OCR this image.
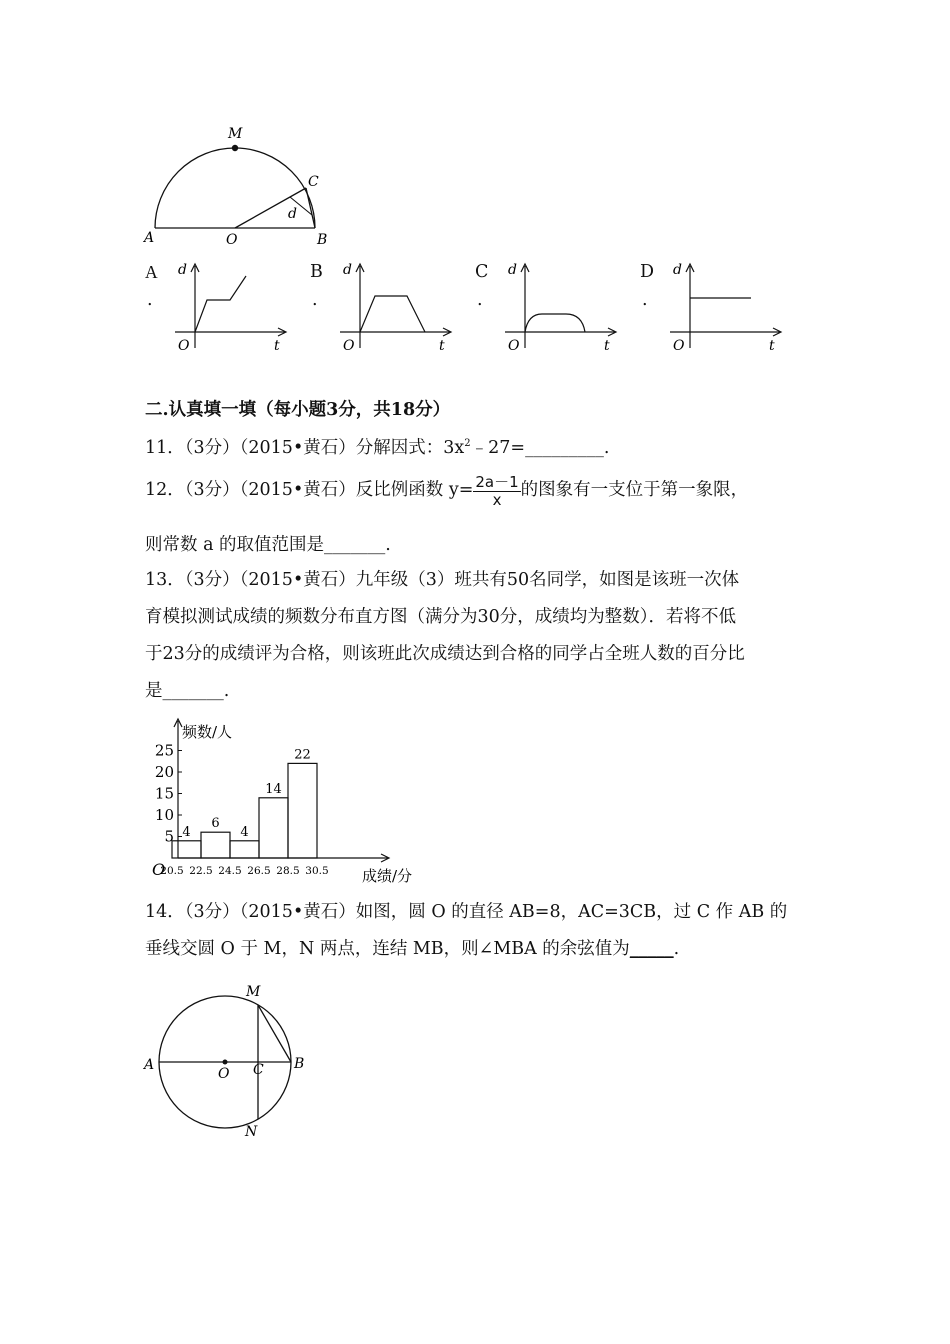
M
C
d
A	O	B
A
.
d
O	t
B
.
d
O	t
C
.
d
O	t
D
.
d
O	t
二.认真填一填（每小题3分，共18分）
11．（3分）（2015•黄石）分解因式：$3x^2﹣27=\_\_\_\_\_\_\_\_\_$.
12．（3分）（2015•黄石）反比例函数 $y= \frac{2a-1}{x}$ 的图象有一支位于第一象限，
则常数 a 的取值范围是_______.
13．（3分）（2015•黄石）九年级（3）班共有50名同学，如图是该班一次体
育模拟测试成绩的频数分布直方图（满分为30分，成绩均为整数）．若将不低
于23分的成绩评为合格，则该班此次成绩达到合格的同学占全班人数的百分比
是_______.
5
10
15
20
25
4
6
4
14
22
20.5 22.5 24.5 26.5 28.5 30.5
频数/人
成绩/分
O
14．（3分）（2015•黄石）如图，圆 O 的直径 AB=8，AC=3CB，过 C 作 AB 的
垂线交圆 O 于 M，N 两点，连结 MB，则∠MBA 的余弦值为_____.
M
A
O C B
N
